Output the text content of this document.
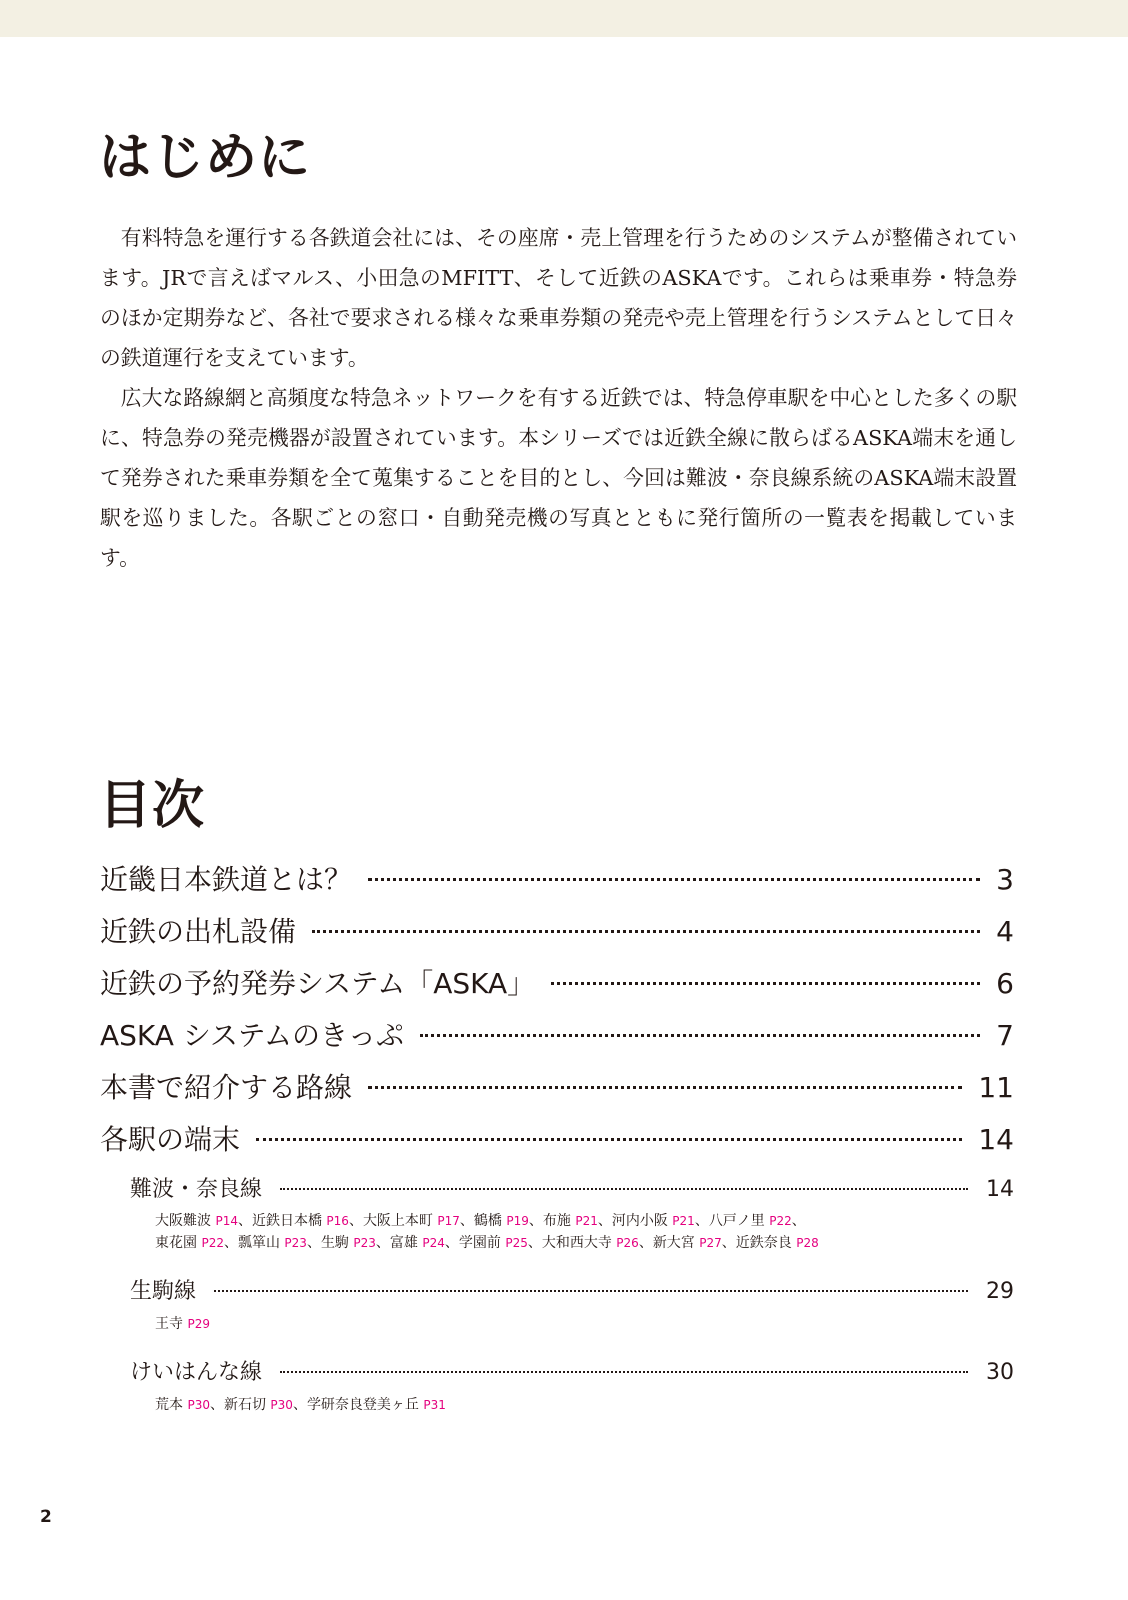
はじめに

有料特急を運行する各鉄道会社には、その座席・売上管理を行うためのシステムが整備されています。JRで言えばマルス、小田急のMFITT、そして近鉄のASKAです。これらは乗車券・特急券のほか定期券など、各社で要求される様々な乗車券類の発売や売上管理を行うシステムとして日々の鉄道運行を支えています。

広大な路線網と高頻度な特急ネットワークを有する近鉄では、特急停車駅を中心とした多くの駅に、特急券の発売機器が設置されています。本シリーズでは近鉄全線に散らばるASKA端末を通して発券された乗車券類を全て蒐集することを目的とし、今回は難波・奈良線系統のASKA端末設置駅を巡りました。各駅ごとの窓口・自動発売機の写真とともに発行箇所の一覧表を掲載しています。

目次
近畿日本鉄道とは？	3
近鉄の出札設備	4
近鉄の予約発券システム「ASKA」	6
ASKA システムのきっぷ	7
本書で紹介する路線	11
各駅の端末	14
難波・奈良線	14
大阪難波 P14、近鉄日本橋 P16、大阪上本町 P17、鶴橋 P19、布施 P21、河内小阪 P21、八戸ノ里 P22、
東花園 P22、瓢箪山 P23、生駒 P23、富雄 P24、学園前 P25、大和西大寺 P26、新大宮 P27、近鉄奈良 P28
生駒線	29
王寺 P29
けいはんな線	30
荒本 P30、新石切 P30、学研奈良登美ヶ丘 P31
2
